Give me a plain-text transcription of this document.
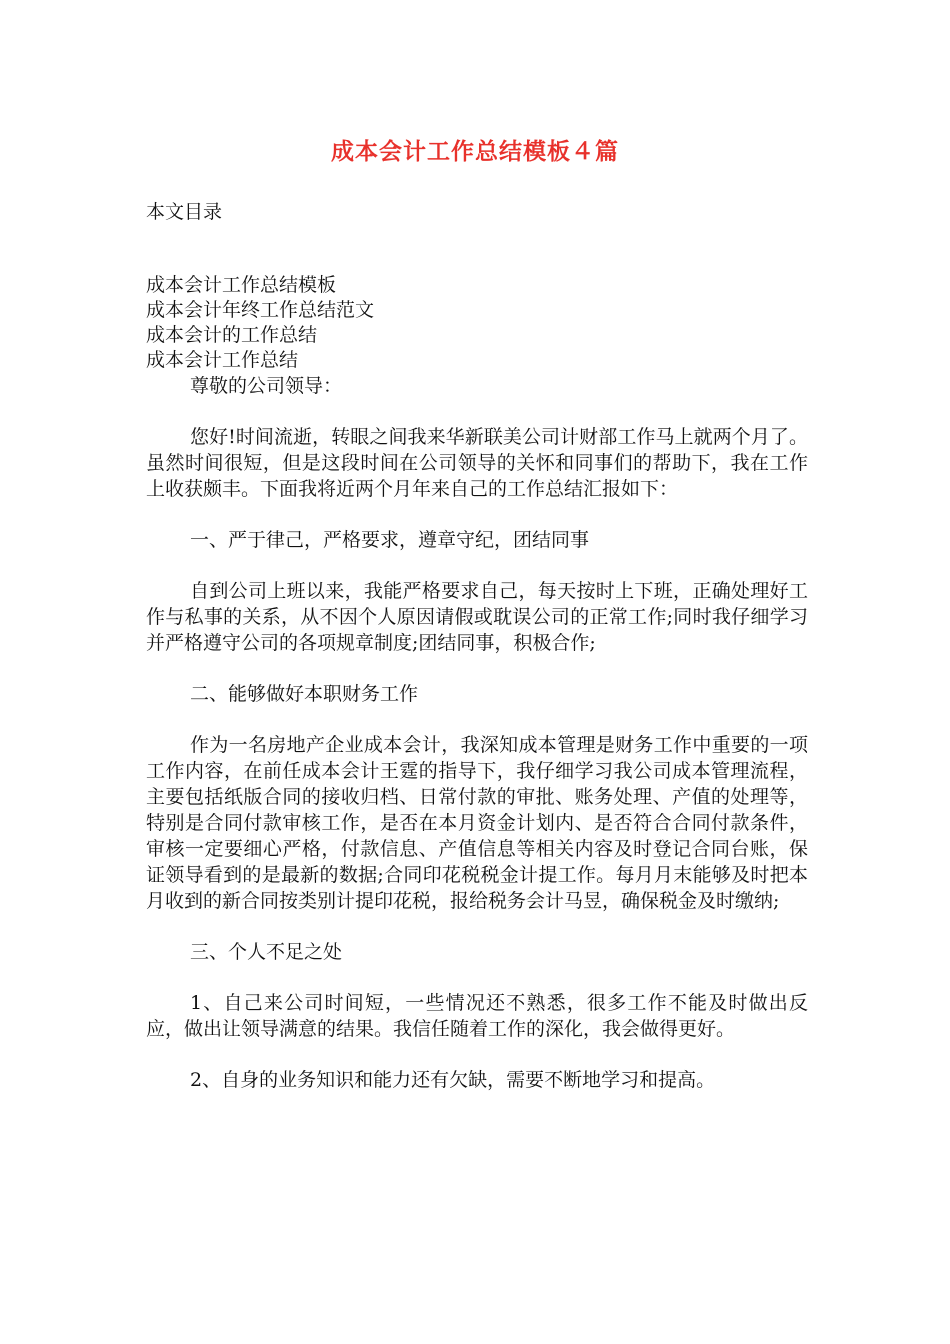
成本会计工作总结模板４篇
本文目录
成本会计工作总结模板
成本会计年终工作总结范文
成本会计的工作总结
成本会计工作总结

尊敬的公司领导：

您好!时间流逝，转眼之间我来华新联美公司计财部工作马上就两个月了。虽然时间很短，但是这段时间在公司领导的关怀和同事们的帮助下，我在工作上收获颇丰。下面我将近两个月年来自己的工作总结汇报如下：

一、严于律己，严格要求，遵章守纪，团结同事

自到公司上班以来，我能严格要求自己，每天按时上下班，正确处理好工作与私事的关系，从不因个人原因请假或耽误公司的正常工作;同时我仔细学习并严格遵守公司的各项规章制度;团结同事，积极合作;

二、能够做好本职财务工作

作为一名房地产企业成本会计，我深知成本管理是财务工作中重要的一项工作内容，在前任成本会计王霆的指导下，我仔细学习我公司成本管理流程，主要包括纸版合同的接收归档、日常付款的审批、账务处理、产值的处理等，特别是合同付款审核工作，是否在本月资金计划内、是否符合合同付款条件，审核一定要细心严格，付款信息、产值信息等相关内容及时登记合同台账，保证领导看到的是最新的数据;合同印花税税金计提工作。每月月末能够及时把本月收到的新合同按类别计提印花税，报给税务会计马昱，确保税金及时缴纳;

三、个人不足之处

1、自己来公司时间短，一些情况还不熟悉，很多工作不能及时做出反应，做出让领导满意的结果。我信任随着工作的深化，我会做得更好。

2、自身的业务知识和能力还有欠缺，需要不断地学习和提高。
